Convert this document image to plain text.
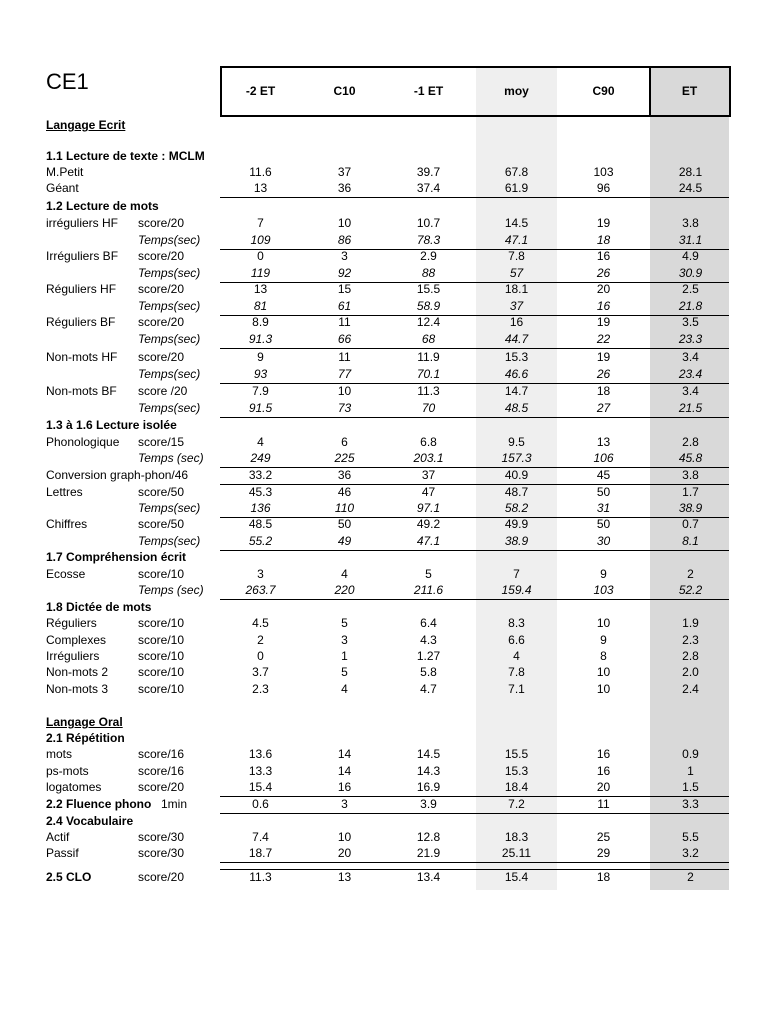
CE1	-2 ET	C10	-1 ET	moy	C90	ET
Langage Ecrit
1.1 Lecture de texte : MCLM
M.Petit	11.6	37	39.7	67.8	103	28.1
Géant	13	36	37.4	61.9	96	24.5
1.2 Lecture de mots
irréguliers HF score/20	7	10	10.7	14.5	19	3.8
Temps(sec)	109	86	78.3	47.1	18	31.1
Irréguliers BF score/20	0	3	2.9	7.8	16	4.9
Temps(sec)	119	92	88	57	26	30.9
Réguliers HF score/20	13	15	15.5	18.1	20	2.5
Temps(sec)	81	61	58.9	37	16	21.8
Réguliers BF score/20	8.9	11	12.4	16	19	3.5
Temps(sec)	91.3	66	68	44.7	22	23.3
Non-mots HF score/20	9	11	11.9	15.3	19	3.4
Temps(sec)	93	77	70.1	46.6	26	23.4
Non-mots BF score /20	7.9	10	11.3	14.7	18	3.4
Temps(sec)	91.5	73	70	48.5	27	21.5
1.3 à 1.6 Lecture isolée
Phonologique score/15	4	6	6.8	9.5	13	2.8
Temps (sec)	249	225	203.1	157.3	106	45.8
Conversion graph-phon/46	33.2	36	37	40.9	45	3.8
Lettres	score/50	45.3	46	47	48.7	50	1.7
Temps(sec)	136	110	97.1	58.2	31	38.9
Chiffres	score/50	48.5	50	49.2	49.9	50	0.7
Temps(sec)	55.2	49	47.1	38.9	30	8.1
1.7 Compréhension écrit
Ecosse	score/10	3	4	5	7	9	2
Temps (sec)	263.7	220	211.6	159.4	103	52.2
1.8 Dictée de mots
Réguliers	score/10	4.5	5	6.4	8.3	10	1.9
Complexes	score/10	2	3	4.3	6.6	9	2.3
Irréguliers	score/10	0	1	1.27	4	8	2.8
Non-mots 2 score/10	3.7	5	5.8	7.8	10	2.0
Non-mots 3 score/10	2.3	4	4.7	7.1	10	2.4
Langage Oral
2.1 Répétition
mots	score/16	13.6	14	14.5	15.5	16	0.9
ps-mots	score/16	13.3	14	14.3	15.3	16	1
logatomes	score/20	15.4	16	16.9	18.4	20	1.5
2.2 Fluence phono 1min	0.6	3	3.9	7.2	11	3.3
2.4 Vocabulaire
Actif	score/30	7.4	10	12.8	18.3	25	5.5
Passif	score/30	18.7	20	21.9	25.11	29	3.2
2.5 CLO	score/20	11.3	13	13.4	15.4	18	2
